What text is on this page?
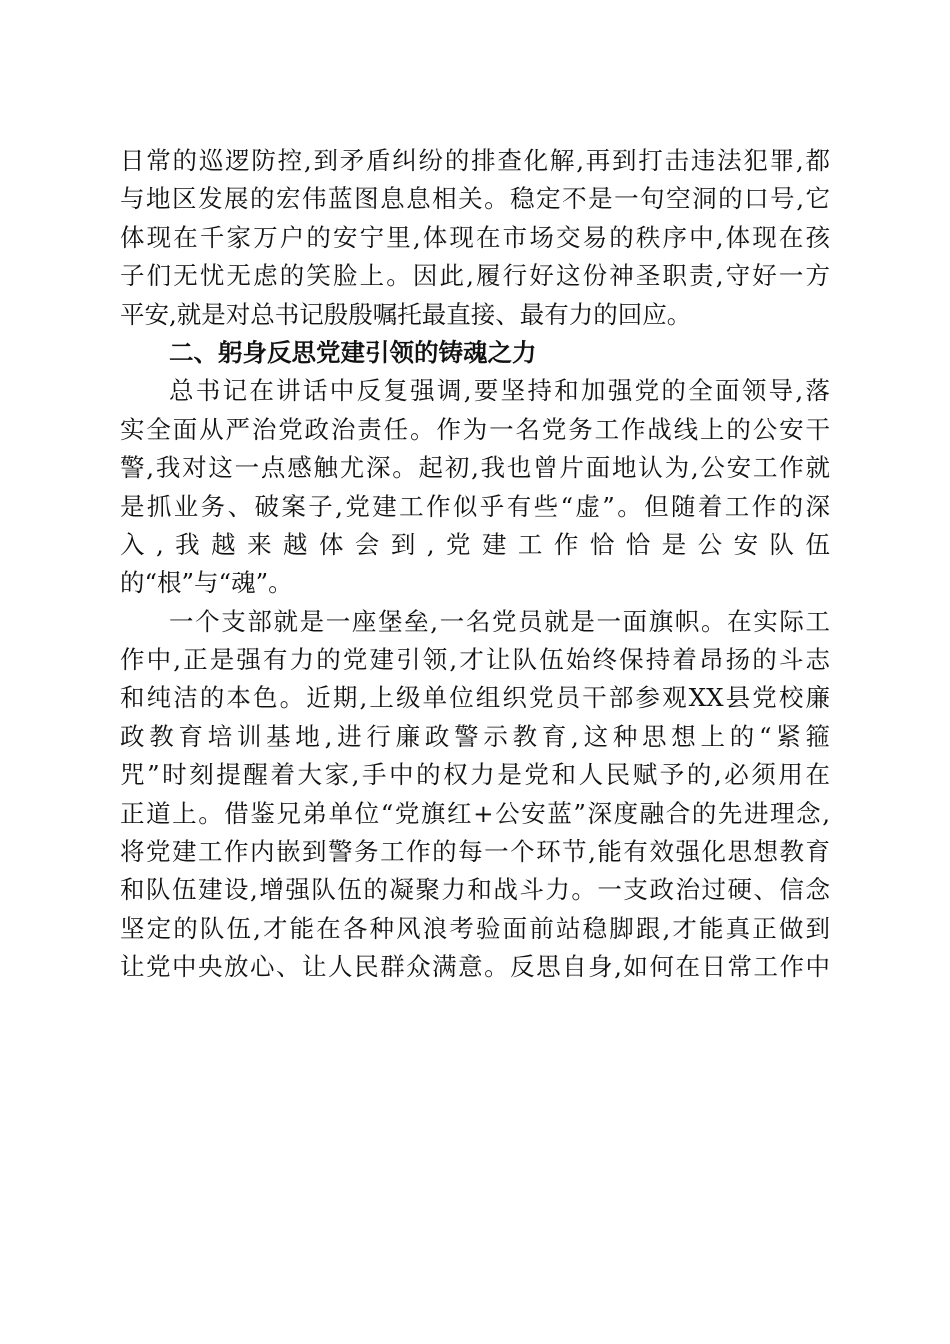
日常的巡逻防控,到矛盾纠纷的排查化解,再到打击违法犯罪,都
与地区发展的宏伟蓝图息息相关。稳定不是一句空洞的口号,它
体现在千家万户的安宁里,体现在市场交易的秩序中,体现在孩
子们无忧无虑的笑脸上。因此,履行好这份神圣职责,守好一方
平安,就是对总书记殷殷嘱托最直接、最有力的回应。
二、躬身反思党建引领的铸魂之力
总书记在讲话中反复强调,要坚持和加强党的全面领导,落
实全面从严治党政治责任。作为一名党务工作战线上的公安干
警,我对这一点感触尤深。起初,我也曾片面地认为,公安工作就
是抓业务、破案子,党建工作似乎有些“虚”。但随着工作的深
入,我越来越体会到,党建工作恰恰是公安队伍
的“根”与“魂”。
一个支部就是一座堡垒,一名党员就是一面旗帜。在实际工
作中,正是强有力的党建引领,才让队伍始终保持着昂扬的斗志
和纯洁的本色。近期,上级单位组织党员干部参观XX县党校廉
政教育培训基地,进行廉政警示教育,这种思想上的“紧箍
咒”时刻提醒着大家,手中的权力是党和人民赋予的,必须用在
正道上。借鉴兄弟单位“党旗红+公安蓝”深度融合的先进理念,
将党建工作内嵌到警务工作的每一个环节,能有效强化思想教育
和队伍建设,增强队伍的凝聚力和战斗力。一支政治过硬、信念
坚定的队伍,才能在各种风浪考验面前站稳脚跟,才能真正做到
让党中央放心、让人民群众满意。反思自身,如何在日常工作中
